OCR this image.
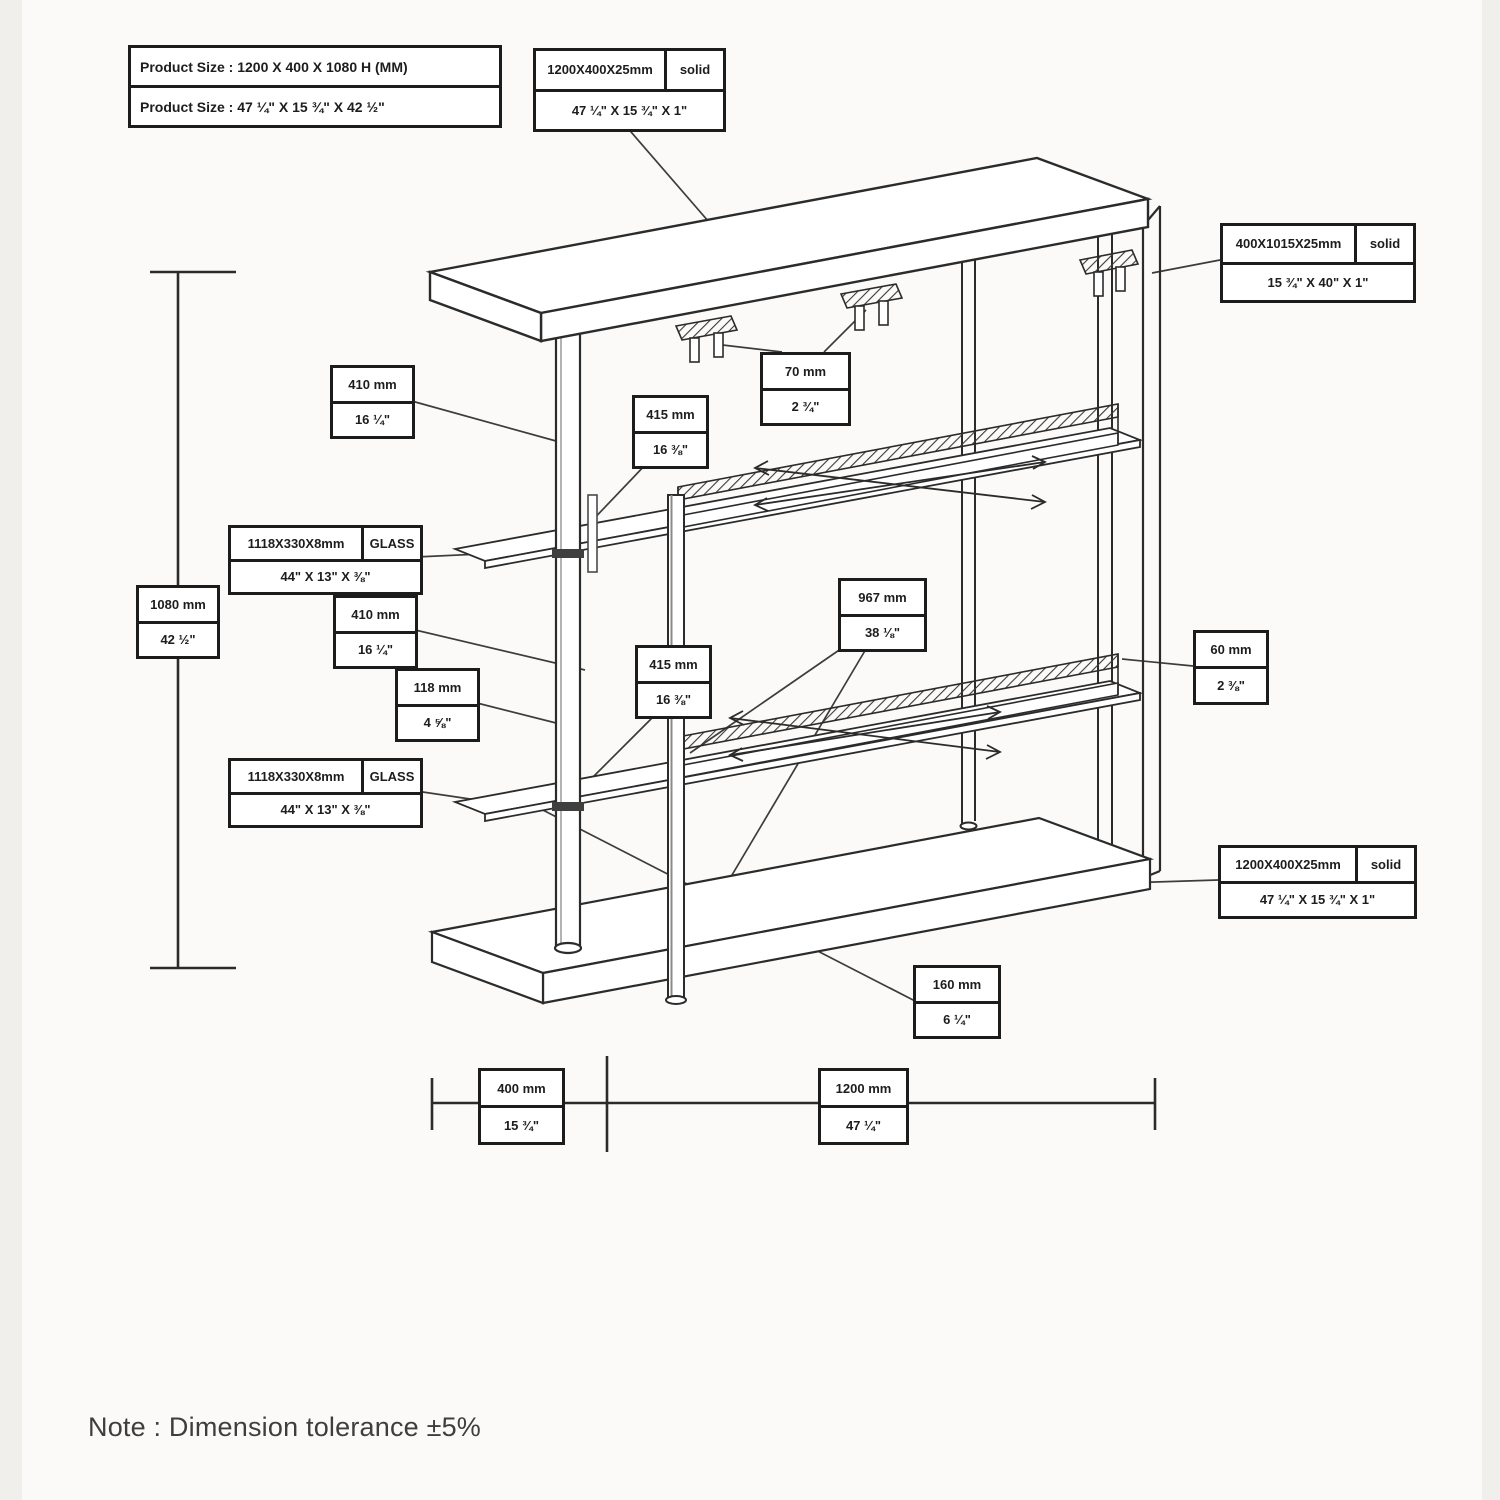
Product Size : 1200 X 400 X 1080 H (MM)
Product Size : 47 ¼" X 15 ¾" X 42 ½"
1200X400X25mm	solid
47 ¼" X 15 ¾" X 1"
400X1015X25mm	solid
15 ¾" X 40" X 1"
410 mm
16 ¼"	415 mm
16 ⅜"
70 mm
2 ¾"
1118X330X8mm	GLASS
44" X 13" X ⅜"
1080 mm
42 ½"
410 mm
16 ¼"
118 mm
4 ⅝"
967 mm
38 ⅛"
415 mm
16 ⅜"
60 mm
2 ⅜"
1118X330X8mm	GLASS
44" X 13" X ⅜"
1200X400X25mm	solid
47 ¼" X 15 ¾" X 1"
160 mm
6 ¼"
400 mm
15 ¾"
1200 mm
47 ¼"
Note : Dimension tolerance ±5%
